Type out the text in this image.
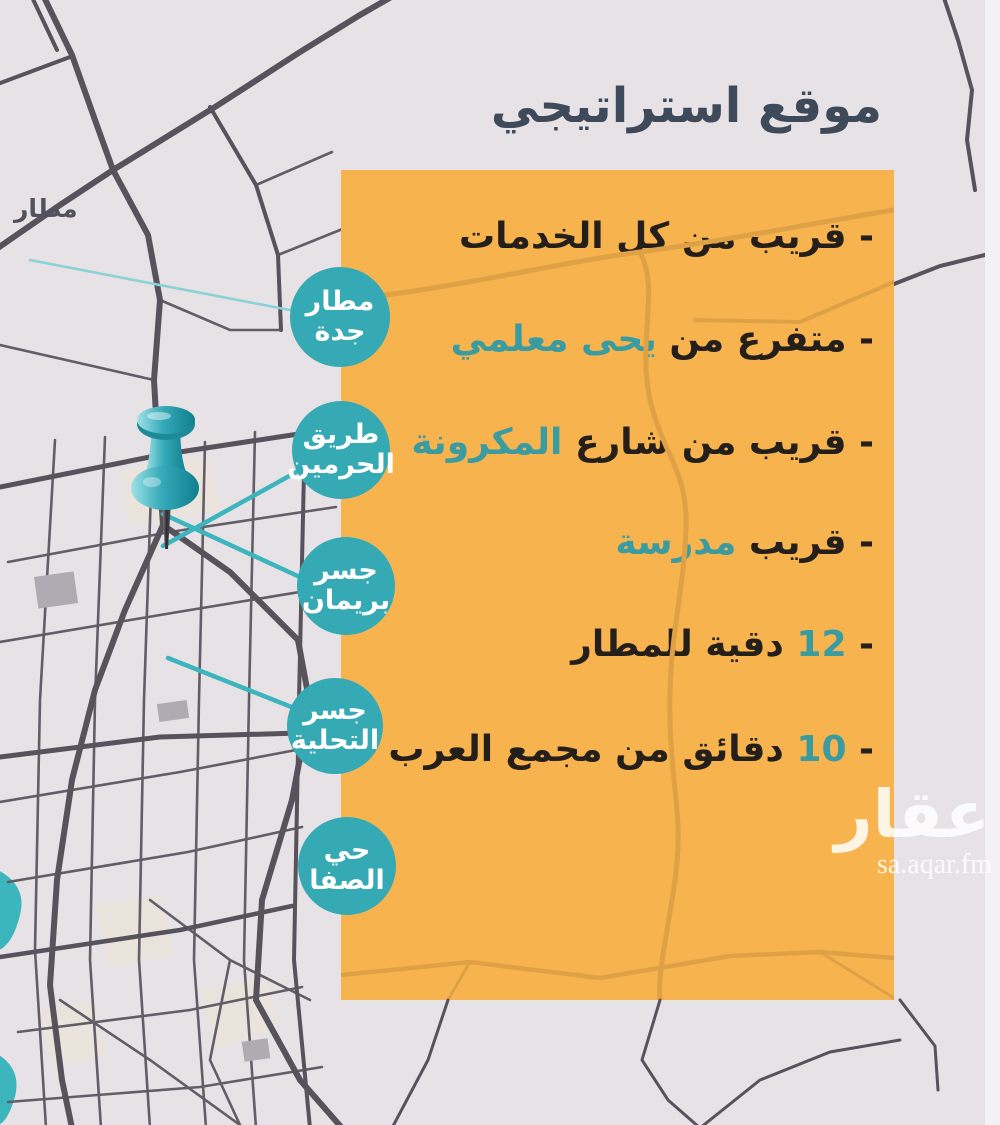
- قريب من كل الخدمات
- متفرع من يحى معلمي
- قريب من شارع المكرونة
- قريب مدرسة
- 12 دقية للمطار
- 10 دقائق من مجمع العرب
مطار
جدة
طريق
الحرمين
جسر
بريمان
جسر
التحلية
حي
الصفا
موقع استراتيجي
مطار
عقار
sa.aqar.fm
